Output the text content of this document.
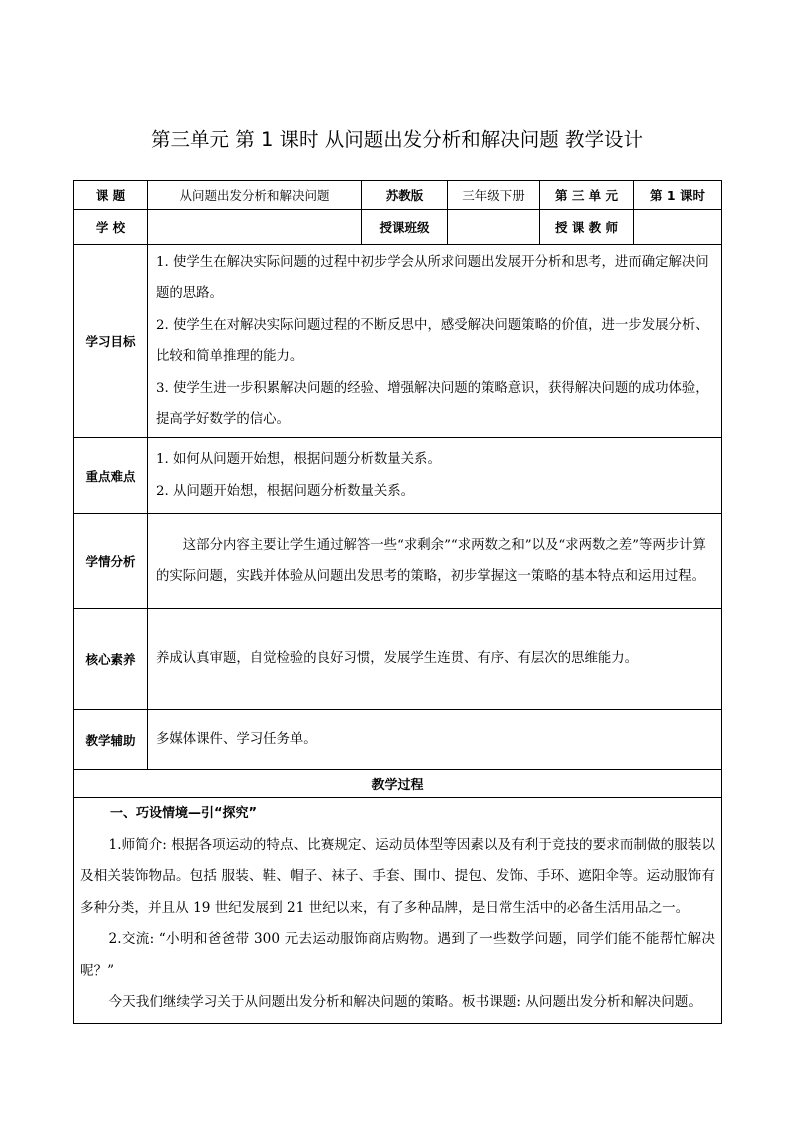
第三单元 第 1 课时 从问题出发分析和解决问题 教学设计
课 题	从问题出发分析和解决问题	苏教版	三年级下册	第 三 单 元	第 1 课时
学 校		授课班级		授 课 教 师	
学习目标	1. 使学生在解决实际问题的过程中初步学会从所求问题出发展开分析和思考，进而确定解决问题的思路。

2. 使学生在对解决实际问题过程的不断反思中，感受解决问题策略的价值，进一步发展分析、比较和简单推理的能力。

3. 使学生进一步积累解决问题的经验、增强解决问题的策略意识，获得解决问题的成功体验，提高学好数学的信心。				

重点难点	1. 如何从问题开始想，根据问题分析数量关系。

2. 从问题开始想，根据问题分析数量关系。				

学情分析	这部分内容主要让学生通过解答一些“求剩余”“求两数之和”以及“求两数之差”等两步计算的实际问题，实践并体验从问题出发思考的策略，初步掌握这一策略的基本特点和运用过程。				

核心素养	养成认真审题，自觉检验的良好习惯，发展学生连贯、有序、有层次的思维能力。				

教学辅助	多媒体课件、学习任务单。				

教学过程					

一、巧设情境—引“探究”

1.师简介: 根据各项运动的特点、比赛规定、运动员体型等因素以及有利于竞技的要求而制做的服装以及相关装饰物品。包括 服装、鞋、帽子、袜子、手套、围巾、提包、发饰、手环、遮阳伞等。运动服饰有多种分类，并且从 19 世纪发展到 21 世纪以来，有了多种品牌，是日常生活中的必备生活用品之一。

2.交流: “小明和爸爸带 300 元去运动服饰商店购物。遇到了一些数学问题，同学们能不能帮忙解决呢？”

今天我们继续学习关于从问题出发分析和解决问题的策略。板书课题: 从问题出发分析和解决问题。					
